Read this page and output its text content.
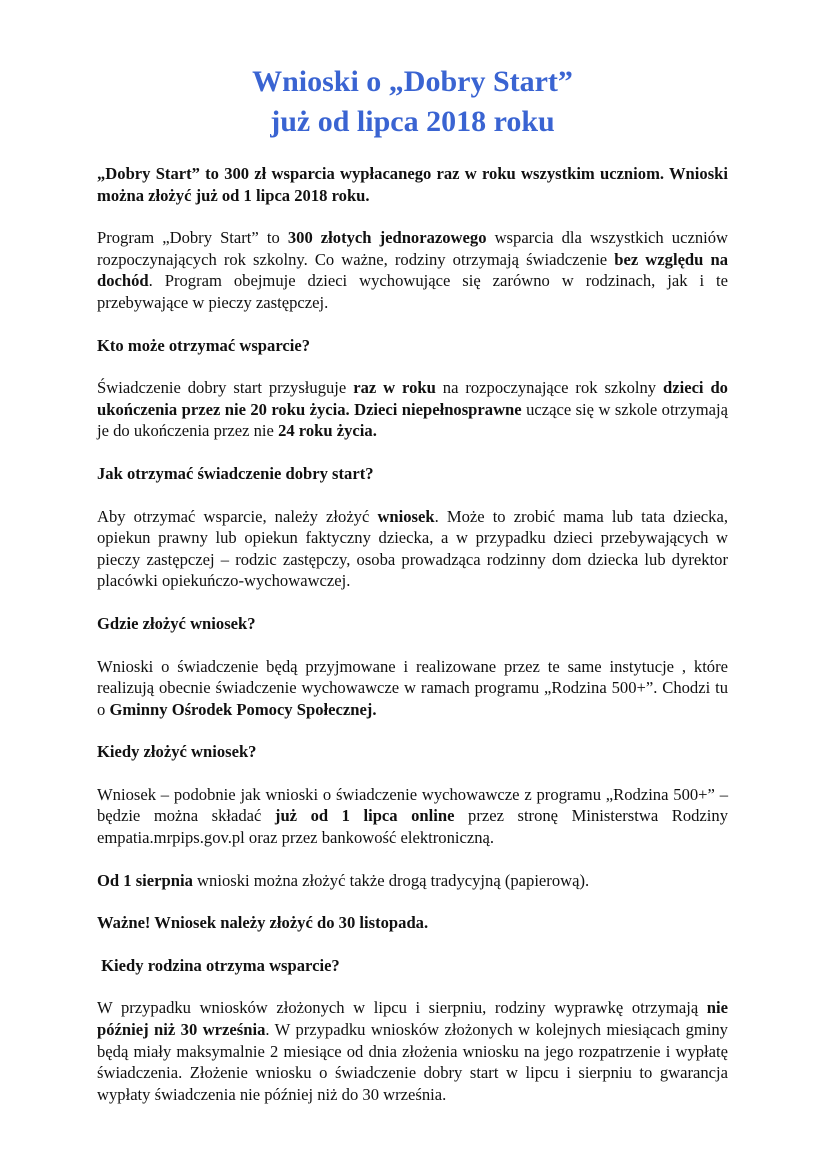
Wnioski o „Dobry Start”
już od lipca 2018 roku

„Dobry Start” to 300 zł wsparcia wypłacanego raz w roku wszystkim uczniom. Wnioski można złożyć już od 1 lipca 2018 roku.

Program „Dobry Start” to 300 złotych jednorazowego wsparcia dla wszystkich uczniów rozpoczynających rok szkolny. Co ważne, rodziny otrzymają świadczenie bez względu na dochód. Program obejmuje dzieci wychowujące się zarówno w rodzinach, jak i te przebywające w pieczy zastępczej.

Kto może otrzymać wsparcie?

Świadczenie dobry start przysługuje raz w roku na rozpoczynające rok szkolny dzieci do ukończenia przez nie 20 roku życia. Dzieci niepełnosprawne uczące się w szkole otrzymają je do ukończenia przez nie 24 roku życia.

Jak otrzymać świadczenie dobry start?

Aby otrzymać wsparcie, należy złożyć wniosek. Może to zrobić mama lub tata dziecka, opiekun prawny lub opiekun faktyczny dziecka, a w przypadku dzieci przebywających w pieczy zastępczej – rodzic zastępczy, osoba prowadząca rodzinny dom dziecka lub dyrektor placówki opiekuńczo-wychowawczej.

Gdzie złożyć wniosek?

Wnioski o świadczenie będą przyjmowane i realizowane przez te same instytucje , które realizują obecnie świadczenie wychowawcze w ramach programu „Rodzina 500+”. Chodzi tu o Gminny Ośrodek Pomocy Społecznej.

Kiedy złożyć wniosek?

Wniosek – podobnie jak wnioski o świadczenie wychowawcze z programu „Rodzina 500+” – będzie można składać już od 1 lipca online przez stronę Ministerstwa Rodziny empatia.mrpips.gov.pl oraz przez bankowość elektroniczną.

Od 1 sierpnia wnioski można złożyć także drogą tradycyjną (papierową).

Ważne! Wniosek należy złożyć do 30 listopada.

Kiedy rodzina otrzyma wsparcie?

W przypadku wniosków złożonych w lipcu i sierpniu, rodziny wyprawkę otrzymają nie później niż 30 września. W przypadku wniosków złożonych w kolejnych miesiącach gminy będą miały maksymalnie 2 miesiące od dnia złożenia wniosku na jego rozpatrzenie i wypłatę świadczenia. Złożenie wniosku o świadczenie dobry start w lipcu i sierpniu to gwarancja wypłaty świadczenia nie później niż do 30 września.
